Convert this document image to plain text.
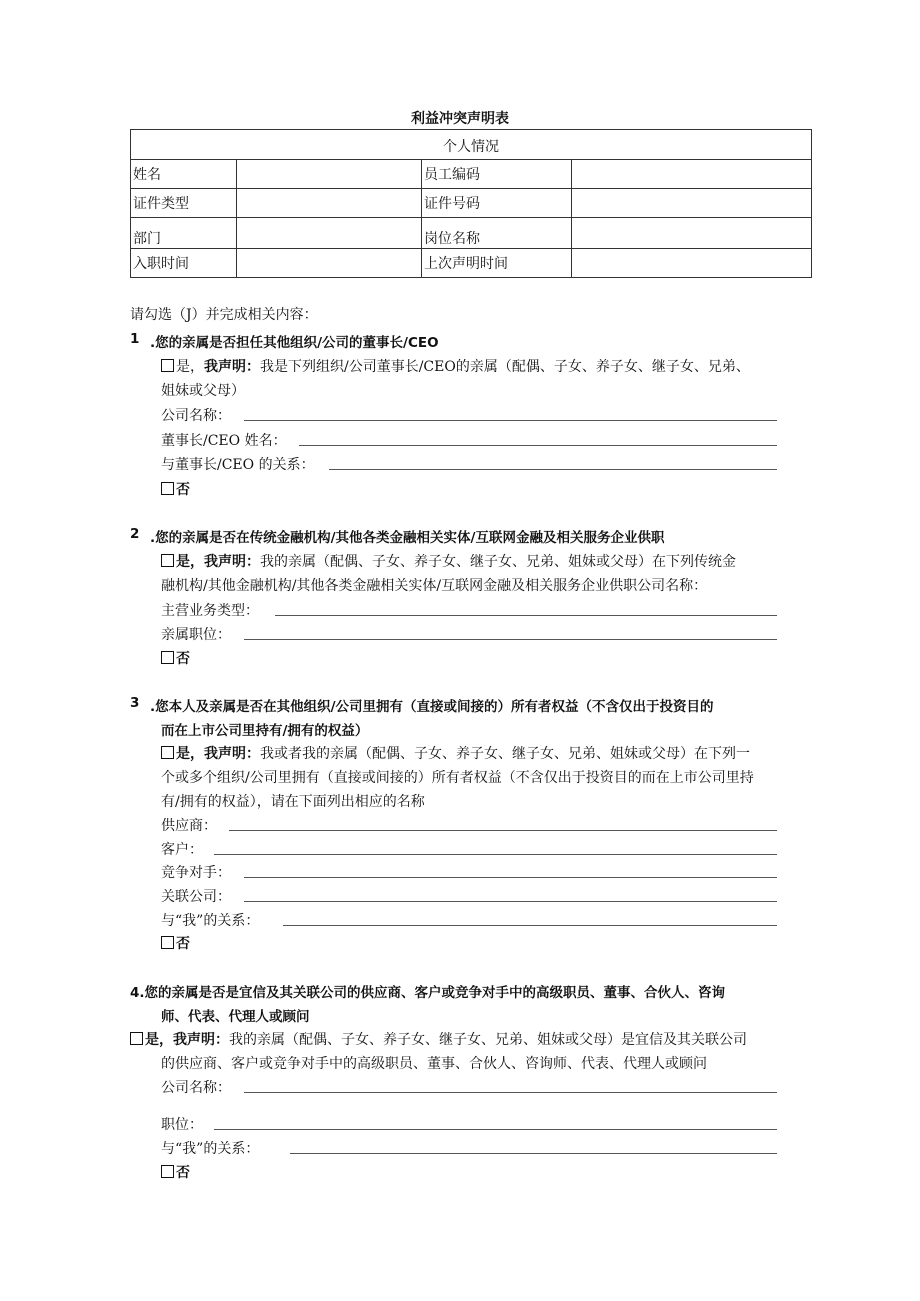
利益冲突声明表
个人情况			
姓名		员工编码	
证件类型		证件号码	
部门		岗位名称	
入职时间		上次声明时间	
请勾选（J）并完成相关内容：
1 .您的亲属是否担任其他组织/公司的董事长/CEO
是，我声明：我是下列组织/公司董事长/CEO的亲属（配偶、子女、养子女、继子女、兄弟、
姐妹或父母）
公司名称：
董事长/CEO 姓名：
与董事长/CEO 的关系：
否
2 .您的亲属是否在传统金融机构/其他各类金融相关实体/互联网金融及相关服务企业供职
是，我声明：我的亲属（配偶、子女、养子女、继子女、兄弟、姐妹或父母）在下列传统金
融机构/其他金融机构/其他各类金融相关实体/互联网金融及相关服务企业供职公司名称：
主营业务类型：
亲属职位：
否
3 .您本人及亲属是否在其他组织/公司里拥有（直接或间接的）所有者权益（不含仅出于投资目的
而在上市公司里持有/拥有的权益）
是，我声明：我或者我的亲属（配偶、子女、养子女、继子女、兄弟、姐妹或父母）在下列一
个或多个组织/公司里拥有（直接或间接的）所有者权益（不含仅出于投资目的而在上市公司里持
有/拥有的权益），请在下面列出相应的名称
供应商：
客户：
竞争对手：
关联公司：
与“我”的关系：
否
4.您的亲属是否是宜信及其关联公司的供应商、客户或竞争对手中的高级职员、董事、合伙人、咨询
师、代表、代理人或顾问
是，我声明：我的亲属（配偶、子女、养子女、继子女、兄弟、姐妹或父母）是宜信及其关联公司
的供应商、客户或竞争对手中的高级职员、董事、合伙人、咨询师、代表、代理人或顾问
公司名称：
职位：
与“我”的关系：
否
